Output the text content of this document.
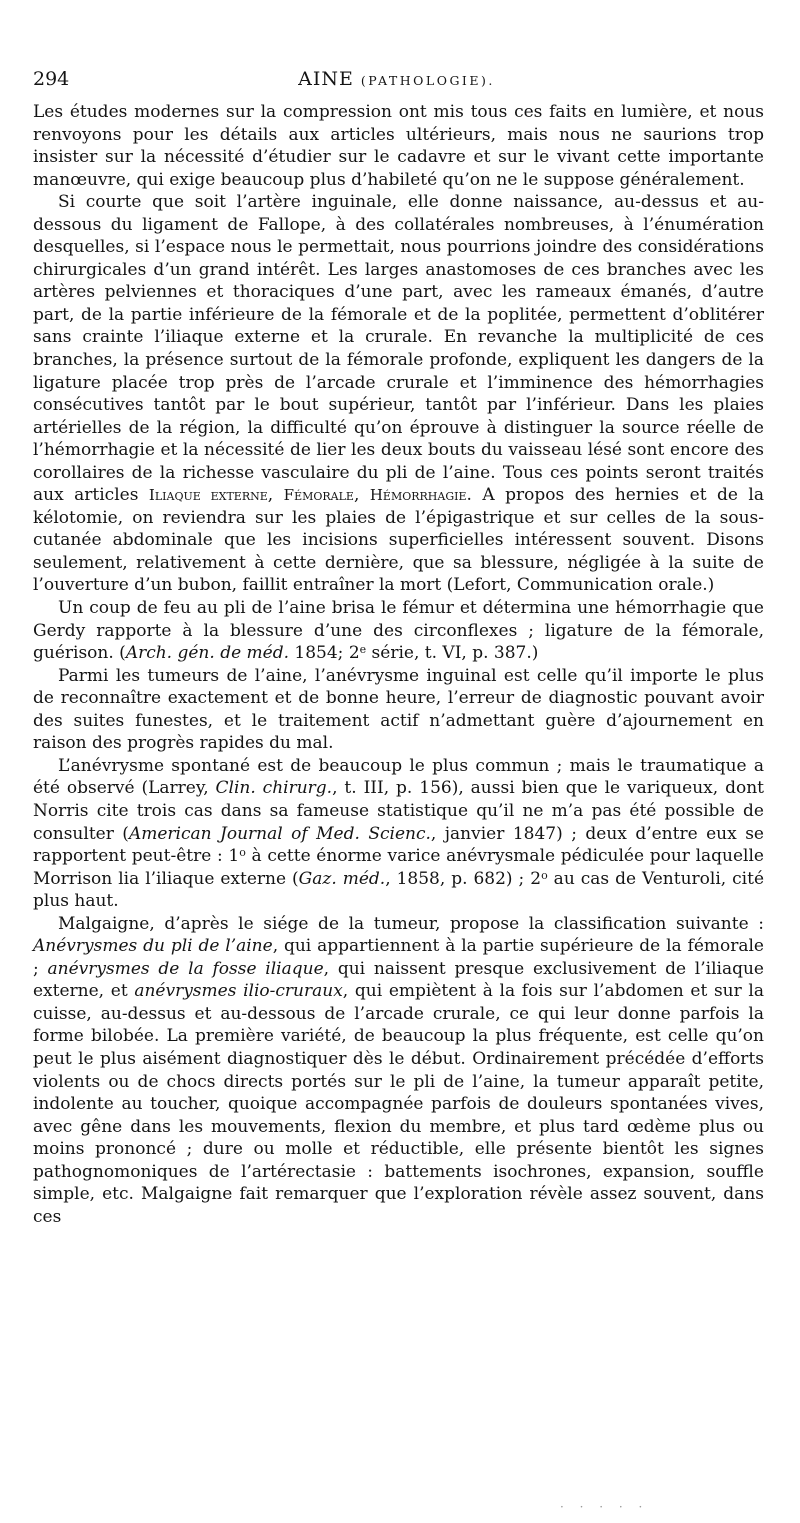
294	AINE (PATHOLOGIE).

Les études modernes sur la compression ont mis tous ces faits en lumière, et nous renvoyons pour les détails aux articles ultérieurs, mais nous ne saurions trop insister sur la nécessité d’étudier sur le cadavre et sur le vivant cette importante manœuvre, qui exige beaucoup plus d’habileté qu’on ne le suppose généralement.

Si courte que soit l’artère inguinale, elle donne naissance, au-dessus et au-dessous du ligament de Fallope, à des collatérales nombreuses, à l’énumération desquelles, si l’espace nous le permettait, nous pourrions joindre des considérations chirurgicales d’un grand intérêt. Les larges anastomoses de ces branches avec les artères pelviennes et thoraciques d’une part, avec les rameaux émanés, d’autre part, de la partie inférieure de la fémorale et de la poplitée, permettent d’oblitérer sans crainte l’iliaque externe et la crurale. En revanche la multiplicité de ces branches, la présence surtout de la fémorale profonde, expliquent les dangers de la ligature placée trop près de l’arcade crurale et l’imminence des hémorrhagies consécutives tantôt par le bout supérieur, tantôt par l’inférieur. Dans les plaies artérielles de la région, la difficulté qu’on éprouve à distinguer la source réelle de l’hémorrhagie et la nécessité de lier les deux bouts du vaisseau lésé sont encore des corollaires de la richesse vasculaire du pli de l’aine. Tous ces points seront traités aux articles Iliaque externe, Fémorale, Hémorrhagie. A propos des hernies et de la kélotomie, on reviendra sur les plaies de l’épigastrique et sur celles de la sous-cutanée abdominale que les incisions superficielles intéressent souvent. Disons seulement, relativement à cette dernière, que sa blessure, négligée à la suite de l’ouverture d’un bubon, faillit entraîner la mort (Lefort, Communication orale.)

Un coup de feu au pli de l’aine brisa le fémur et détermina une hémorrhagie que Gerdy rapporte à la blessure d’une des circonflexes ; ligature de la fémorale, guérison. (Arch. gén. de méd. 1854; 2e série, t. VI, p. 387.)

Parmi les tumeurs de l’aine, l’anévrysme inguinal est celle qu’il importe le plus de reconnaître exactement et de bonne heure, l’erreur de diagnostic pouvant avoir des suites funestes, et le traitement actif n’admettant guère d’ajournement en raison des progrès rapides du mal.

L’anévrysme spontané est de beaucoup le plus commun ; mais le traumatique a été observé (Larrey, Clin. chirurg., t. III, p. 156), aussi bien que le variqueux, dont Norris cite trois cas dans sa fameuse statistique qu’il ne m’a pas été possible de consulter (American Journal of Med. Scienc., janvier 1847) ; deux d’entre eux se rapportent peut-être : 1$^o$ à cette énorme varice anévrysmale pédiculée pour laquelle Morrison lia l’iliaque externe (Gaz. méd., 1858, p. 682) ; 2$^o$ au cas de Venturoli, cité plus haut.

Malgaigne, d’après le siége de la tumeur, propose la classification suivante : Anévrysmes du pli de l’aine, qui appartiennent à la partie supérieure de la fémorale ; anévrysmes de la fosse iliaque, qui naissent presque exclusivement de l’iliaque externe, et anévrysmes ilio-cruraux, qui empiètent à la fois sur l’abdomen et sur la cuisse, au-dessus et au-dessous de l’arcade crurale, ce qui leur donne parfois la forme bilobée. La première variété, de beaucoup la plus fréquente, est celle qu’on peut le plus aisément diagnostiquer dès le début. Ordinairement précédée d’efforts violents ou de chocs directs portés sur le pli de l’aine, la tumeur apparaît petite, indolente au toucher, quoique accompagnée parfois de douleurs spontanées vives, avec gêne dans les mouvements, flexion du membre, et plus tard œdème plus ou moins prononcé ; dure ou molle et réductible, elle présente bientôt les signes pathognomoniques de l’artérectasie : battements isochrones, expansion, souffle simple, etc. Malgaigne fait remarquer que l’exploration révèle assez souvent, dans ces

· · · · ·
